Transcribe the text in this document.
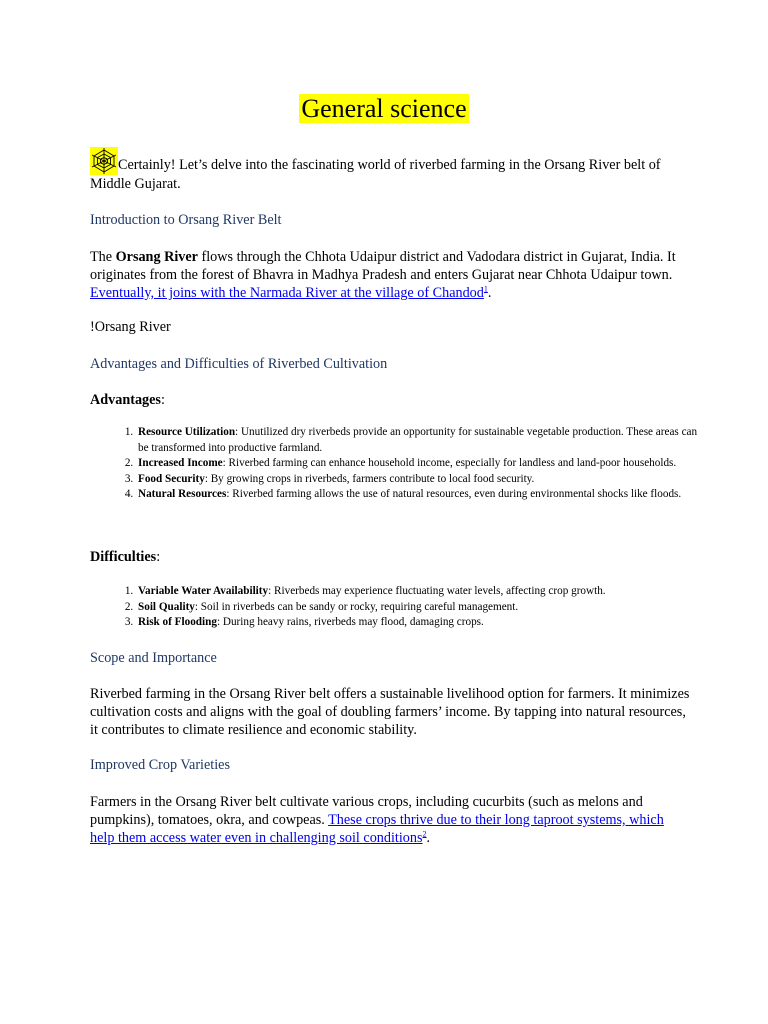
General science
Certainly! Let’s delve into the fascinating world of riverbed farming in the Orsang River belt of Middle Gujarat.
Introduction to Orsang River Belt
The Orsang River flows through the Chhota Udaipur district and Vadodara district in Gujarat, India. It originates from the forest of Bhavra in Madhya Pradesh and enters Gujarat near Chhota Udaipur town. Eventually, it joins with the Narmada River at the village of Chandod$^1$.
!Orsang River
Advantages and Difficulties of Riverbed Cultivation
Advantages:
1. Resource Utilization: Unutilized dry riverbeds provide an opportunity for sustainable vegetable production. These areas can be transformed into productive farmland.
2. Increased Income: Riverbed farming can enhance household income, especially for landless and land-poor households.
3. Food Security: By growing crops in riverbeds, farmers contribute to local food security.
4. Natural Resources: Riverbed farming allows the use of natural resources, even during environmental shocks like floods.
Difficulties:
1. Variable Water Availability: Riverbeds may experience fluctuating water levels, affecting crop growth.
2. Soil Quality: Soil in riverbeds can be sandy or rocky, requiring careful management.
3. Risk of Flooding: During heavy rains, riverbeds may flood, damaging crops.
Scope and Importance
Riverbed farming in the Orsang River belt offers a sustainable livelihood option for farmers. It minimizes cultivation costs and aligns with the goal of doubling farmers’ income. By tapping into natural resources, it contributes to climate resilience and economic stability.
Improved Crop Varieties
Farmers in the Orsang River belt cultivate various crops, including cucurbits (such as melons and pumpkins), tomatoes, okra, and cowpeas. These crops thrive due to their long taproot systems, which help them access water even in challenging soil conditions$^2$.
